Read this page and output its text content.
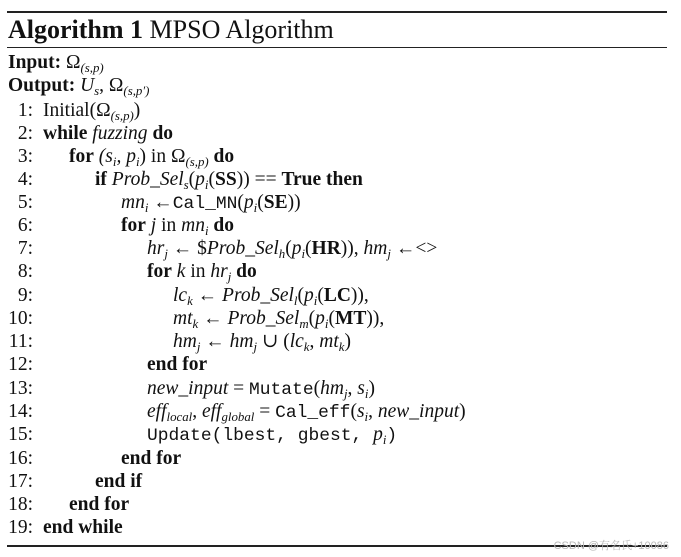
Algorithm 1 MPSO Algorithm
Input: $\Omega_{(s,p)}$
Output: $U_s$, $\Omega_{(s,p')}$
1: $Initial(\Omega_{(s,p)})$
2: while fuzzing do
3: for ($s_i$, $p_i$) in $\Omega_{(s,p)}$ do
4:	if $Prob\_Sel_s(p_i(SS))$ == True then
5:	$mn_i$ $\leftarrow Cal\_MN(p_i(SE))$
6:	for j in $mn_i$ do
7:	$hr_j$ ← $\$Prob\_Sel_h(p_i(HR))$, $hm_j$ ←<>
8:	for k in $hr_j$ do
9:	$lc_k$ ← $Prob\_Sel_l(p_i(LC))$,
10:	$mt_k$ ← $Prob\_Sel_m(p_i(MT))$,
11:	$hm_j$ ← $hm_j$ ∪ ($lc_k$, $mt_k$)
12:	end for
13:	new_input = $Mutate(hm_j$, $s_i$)
14:	eff$_{local}$, $eff_{global} = Cal\_eff(s_i$, new_input)
15:	Update(lbest, gbest, $p_i$)
16:	end for
17:	end if
18: end for
19: end while
CSDN @有名氏+10086
